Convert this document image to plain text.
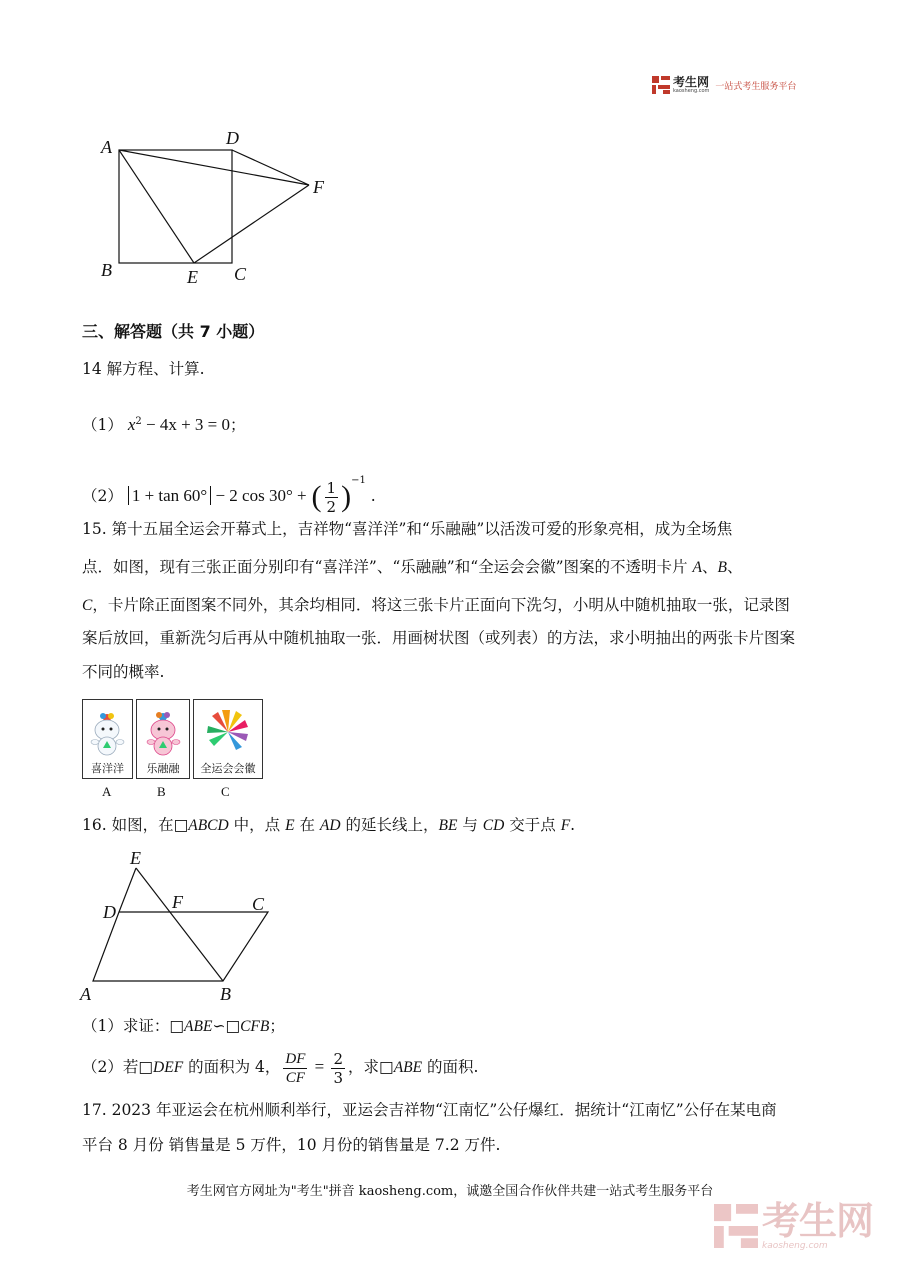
考生网
kaosheng.com 一站式考生服务平台
A	D
F
B	E C
三、解答题（共 7 小题）
14 解方程、计算.
（1） $x^2 - 4x + 3 = 0$；
（2） 1 + tan 60° − 2 cos 30° + ( $\frac{1}{2} )^{-1}$ .
15. 第十五届全运会开幕式上，吉祥物“喜洋洋”和“乐融融”以活泼可爱的形象亮相，成为全场焦
点．如图，现有三张正面分别印有“喜洋洋”、“乐融融”和“全运会会徽”图案的不透明卡片 A、B、
C，卡片除正面图案不同外，其余均相同．将这三张卡片正面向下洗匀，小明从中随机抽取一张，记录图
案后放回，重新洗匀后再从中随机抽取一张．用画树状图（或列表）的方法，求小明抽出的两张卡片图案
不同的概率.
喜洋洋	乐融融	全运会会徽
A	B	C
16. 如图，在□ABCD 中，点 E 在 AD 的延长线上，BE 与 CD 交于点 F.
E
D	F	C
A	B
（1）求证：□ABE∽□CFB；
（2）若□DEF 的面积为 4， $\frac{DF}{CF} = \frac{2}{3}$ ，求□ABE 的面积.
17. 2023 年亚运会在杭州顺利举行，亚运会吉祥物“江南忆”公仔爆红．据统计“江南忆”公仔在某电商
平台 8 月份 销售量是 5 万件，10 月份的销售量是 7.2 万件.
考生网官方网址为"考生"拼音 kaosheng.com，诚邀全国合作伙伴共建一站式考生服务平台
考生网
kaosheng.com
